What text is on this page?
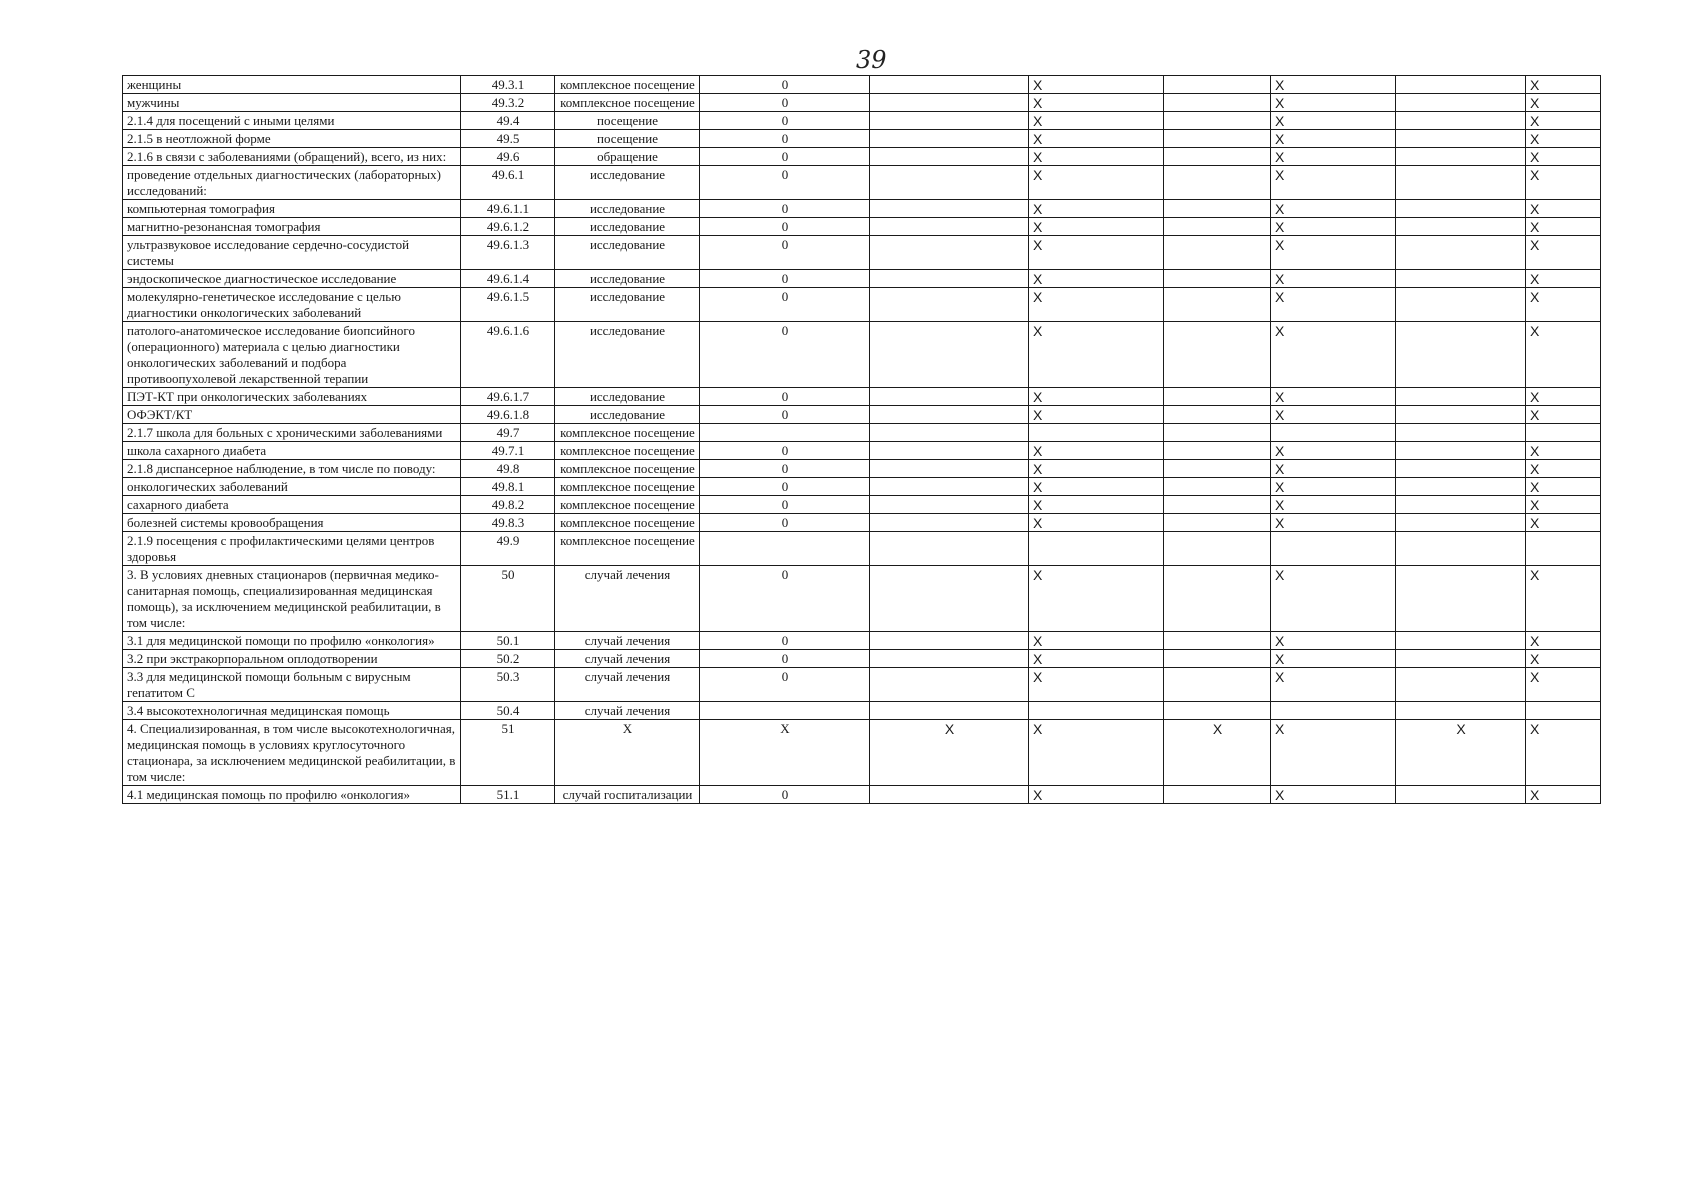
39
женщины	49.3.1	комплексное посещение	0		X		X		X
мужчины	49.3.2	комплексное посещение	0		X		X		X
2.1.4 для посещений с иными целями	49.4	посещение	0		X		X		X
2.1.5 в неотложной форме	49.5	посещение	0		X		X		X
2.1.6 в связи с заболеваниями (обращений), всего, из них:	49.6	обращение	0		X		X		X
проведение отдельных диагностических (лабораторных) исследований:	49.6.1	исследование	0		X		X		X
компьютерная томография	49.6.1.1	исследование	0		X		X		X
магнитно-резонансная томография	49.6.1.2	исследование	0		X		X		X
ультразвуковое исследование сердечно-сосудистой системы	49.6.1.3	исследование	0		X		X		X
эндоскопическое диагностическое исследование	49.6.1.4	исследование	0		X		X		X
молекулярно-генетическое исследование с целью диагностики онкологических заболеваний	49.6.1.5	исследование	0		X		X		X
патолого-анатомическое исследование биопсийного (операционного) материала с целью диагностики онкологических заболеваний и подбора противоопухолевой лекарственной терапии	49.6.1.6	исследование	0		X		X		X
ПЭТ-КТ при онкологических заболеваниях	49.6.1.7	исследование	0		X		X		X
ОФЭКТ/КТ	49.6.1.8	исследование	0		X		X		X
2.1.7 школа для больных с хроническими заболеваниями	49.7	комплексное посещение							
школа сахарного диабета	49.7.1	комплексное посещение	0		X		X		X
2.1.8 диспансерное наблюдение, в том числе по поводу:	49.8	комплексное посещение	0		X		X		X
онкологических заболеваний	49.8.1	комплексное посещение	0		X		X		X
сахарного диабета	49.8.2	комплексное посещение	0		X		X		X
болезней системы кровообращения	49.8.3	комплексное посещение	0		X		X		X
2.1.9 посещения с профилактическими целями центров здоровья	49.9	комплексное посещение							
3. В условиях дневных стационаров (первичная медико-санитарная помощь, специализированная медицинская помощь), за исключением медицинской реабилитации, в том числе:	50	случай лечения	0		X		X		X
3.1 для медицинской помощи по профилю «онкология»	50.1	случай лечения	0		X		X		X
3.2 при экстракорпоральном оплодотворении	50.2	случай лечения	0		X		X		X
3.3 для медицинской помощи больным с вирусным гепатитом С	50.3	случай лечения	0		X		X		X
3.4 высокотехнологичная медицинская помощь	50.4	случай лечения							
4. Специализированная, в том числе высокотехнологичная, медицинская помощь в условиях круглосуточного стационара, за исключением медицинской реабилитации, в том числе:	51	X	X	X	X	X	X	X	X
4.1 медицинская помощь по профилю «онкология»	51.1	случай госпитализации	0		X		X		X
